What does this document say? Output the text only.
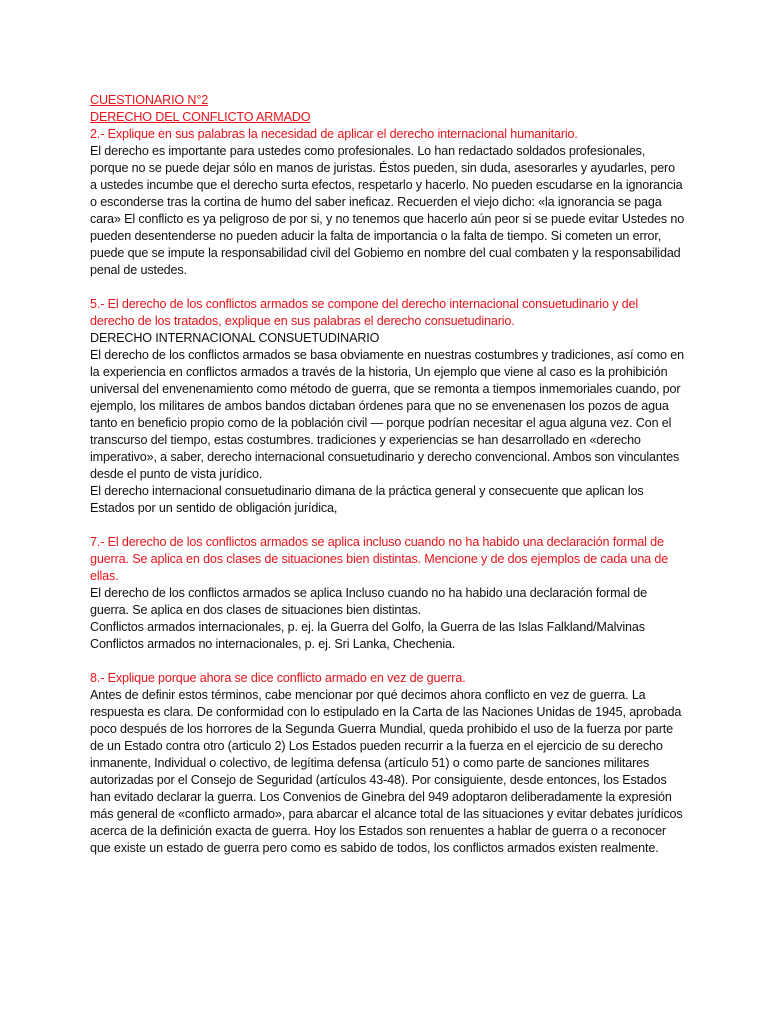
CUESTIONARIO N°2

DERECHO DEL CONFLICTO ARMADO

2.- Explique en sus palabras la necesidad de aplicar el derecho internacional humanitario.

El derecho es importante para ustedes como profesionales. Lo han redactado soldados profesionales, porque no se puede dejar sólo en manos de juristas. Éstos pueden, sin duda, asesorarles y ayudarles, pero a ustedes incumbe que el derecho surta efectos, respetarlo y hacerlo. No pueden escudarse en la ignorancia o esconderse tras la cortina de humo del saber ineficaz. Recuerden el viejo dicho: «la ignorancia se paga cara» El conflicto es ya peligroso de por si, y no tenemos que hacerlo aún peor si se puede evitar Ustedes no pueden desentenderse no pueden aducir la falta de importancia o la falta de tiempo. Si cometen un error, puede que se impute la responsabilidad civil del Gobiemo en nombre del cual combaten y la responsabilidad penal de ustedes.

5.- El derecho de los conflictos armados se compone del derecho internacional consuetudinario y del derecho de los tratados, explique en sus palabras el derecho consuetudinario.

DERECHO INTERNACIONAL CONSUETUDINARIO

El derecho de los conflictos armados se basa obviamente en nuestras costumbres y tradiciones, así como en la experiencia en conflictos armados a través de la historia, Un ejemplo que viene al caso es la prohibición universal del envenenamiento como método de guerra, que se remonta a tiempos inmemoriales cuando, por ejemplo, los militares de ambos bandos dictaban órdenes para que no se envenenasen los pozos de agua tanto en beneficio propio como de la población civil — porque podrían necesitar el agua alguna vez. Con el transcurso del tiempo, estas costumbres. tradiciones y experiencias se han desarrollado en «derecho imperativo», a saber, derecho internacional consuetudinario y derecho convencional. Ambos son vinculantes desde el punto de vista jurídico.

El derecho internacional consuetudinario dimana de la práctica general y consecuente que aplican los Estados por un sentido de obligación jurídica,

7.- El derecho de los conflictos armados se aplica incluso cuando no ha habido una declaración formal de guerra. Se aplica en dos clases de situaciones bien distintas. Mencione y de dos ejemplos de cada una de ellas.

El derecho de los conflictos armados se aplica Incluso cuando no ha habido una declaración formal de guerra. Se aplica en dos clases de situaciones bien distintas.

Conflictos armados internacionales, p. ej. la Guerra del Golfo, la Guerra de las Islas Falkland/Malvinas

Conflictos armados no internacionales, p. ej. Sri Lanka, Chechenia.

8.- Explique porque ahora se dice conflicto armado en vez de guerra.

Antes de definir estos términos, cabe mencionar por qué decimos ahora conflicto en vez de guerra. La respuesta es clara. De conformidad con lo estipulado en la Carta de las Naciones Unidas de 1945, aprobada poco después de los horrores de la Segunda Guerra Mundial, queda prohibido el uso de la fuerza por parte de un Estado contra otro (articulo 2) Los Estados pueden recurrir a la fuerza en el ejercicio de su derecho inmanente, Individual o colectivo, de legítima defensa (artículo 51) o como parte de sanciones militares autorizadas por el Consejo de Seguridad (artículos 43-48). Por consiguiente, desde entonces, los Estados han evitado declarar la guerra. Los Convenios de Ginebra del 949 adoptaron deliberadamente la expresión más general de «conflicto armado», para abarcar el alcance total de las situaciones y evitar debates jurídicos acerca de la definición exacta de guerra. Hoy los Estados son renuentes a hablar de guerra o a reconocer que existe un estado de guerra pero como es sabido de todos, los conflictos armados existen realmente.
